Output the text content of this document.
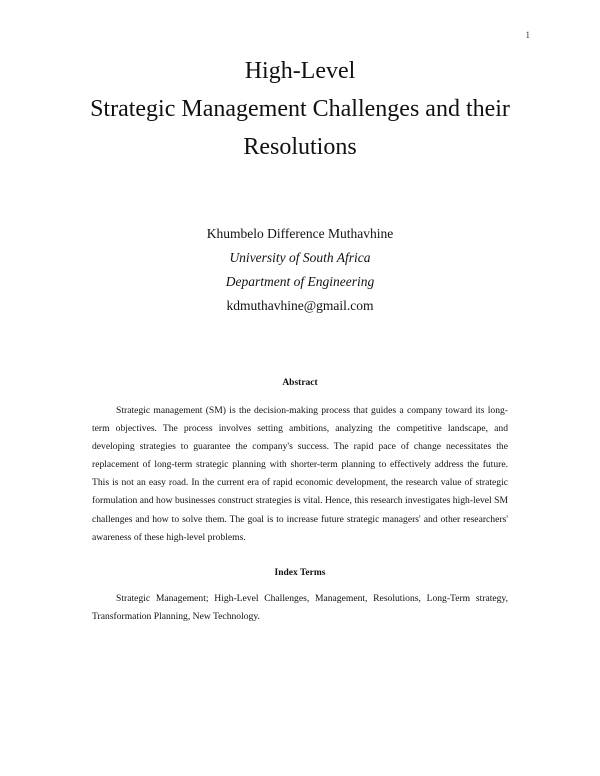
1
High-Level
Strategic Management Challenges and their
Resolutions
Khumbelo Difference Muthavhine
University of South Africa
Department of Engineering
kdmuthavhine@gmail.com
Abstract

Strategic management (SM) is the decision-making process that guides a company toward its long-term objectives. The process involves setting ambitions, analyzing the competitive landscape, and developing strategies to guarantee the company's success. The rapid pace of change necessitates the replacement of long-term strategic planning with shorter-term planning to effectively address the future. This is not an easy road. In the current era of rapid economic development, the research value of strategic formulation and how businesses construct strategies is vital. Hence, this research investigates high-level SM challenges and how to solve them. The goal is to increase future strategic managers' and other researchers' awareness of these high-level problems.

Index Terms

Strategic Management; High-Level Challenges, Management, Resolutions, Long-Term strategy, Transformation Planning, New Technology.
